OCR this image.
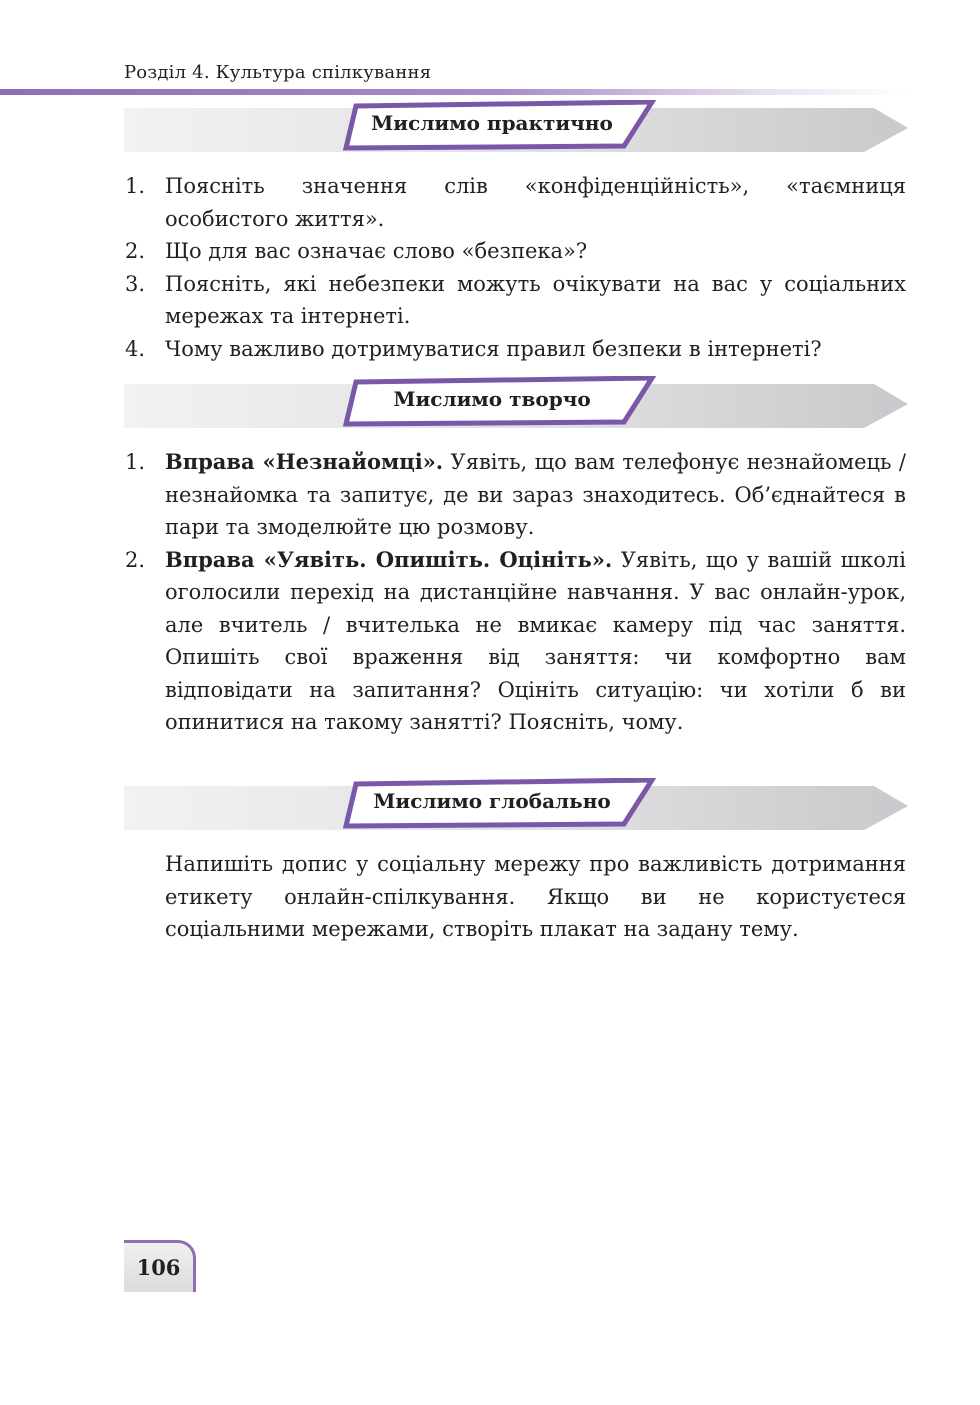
Розділ 4. Культура спілкування
Мислимо практично
1. Поясніть значення слів «конфіденційність», «таємниця особистого життя».
2. Що для вас означає слово «безпека»?
3. Поясніть, які небезпеки можуть очікувати на вас у соціальних мережах та інтернеті.
4. Чому важливо дотримуватися правил безпеки в інтернеті?
Мислимо творчо
1. Вправа «Незнайомці». Уявіть, що вам телефонує незнайомець / незнайомка та запитує, де ви зараз знаходитесь. Об’єднайтеся в пари та змоделюйте цю розмову.
2. Вправа «Уявіть. Опишіть. Оцініть». Уявіть, що у вашій школі оголосили перехід на дистанційне навчання. У вас онлайн-урок, але вчитель / вчителька не вмикає камеру під час заняття. Опишіть свої враження від заняття: чи комфортно вам відповідати на запитання? Оцініть ситуацію: чи хотіли б ви опинитися на такому занятті? Поясніть, чому.
Мислимо глобально

Напишіть допис у соціальну мережу про важливість дотримання етикету онлайн-спілкування. Якщо ви не користуєтеся соціальними мережами, створіть плакат на задану тему.

106
